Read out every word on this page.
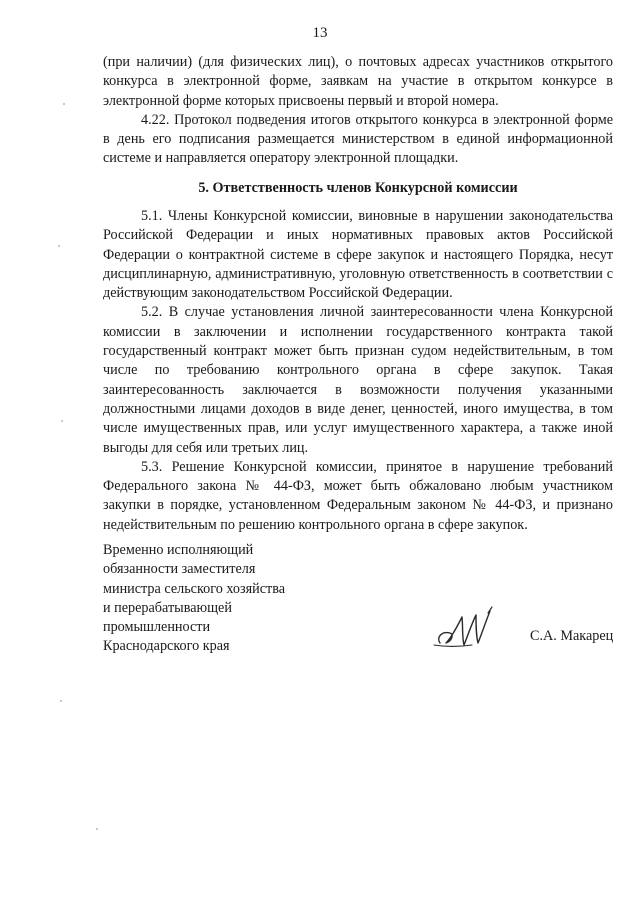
13

(при наличии) (для физических лиц), о почтовых адресах участников открытого конкурса в электронной форме, заявкам на участие в открытом конкурсе в электронной форме которых присвоены первый и второй номера.

4.22. Протокол подведения итогов открытого конкурса в электронной форме в день его подписания размещается министерством в единой информационной системе и направляется оператору электронной площадки.

5. Ответственность членов Конкурсной комиссии

5.1. Члены Конкурсной комиссии, виновные в нарушении законодательства Российской Федерации и иных нормативных правовых актов Российской Федерации о контрактной системе в сфере закупок и настоящего Порядка, несут дисциплинарную, административную, уголовную ответственность в соответствии с действующим законодательством Российской Федерации.

5.2. В случае установления личной заинтересованности члена Конкурсной комиссии в заключении и исполнении государственного контракта такой государственный контракт может быть признан судом недействительным, в том числе по требованию контрольного органа в сфере закупок. Такая заинтересованность заключается в возможности получения указанными должностными лицами доходов в виде денег, ценностей, иного имущества, в том числе имущественных прав, или услуг имущественного характера, а также иной выгоды для себя или третьих лиц.

5.3. Решение Конкурсной комиссии, принятое в нарушение требований Федерального закона № 44-ФЗ, может быть обжаловано любым участником закупки в порядке, установленном Федеральным законом № 44-ФЗ, и признано недействительным по решению контрольного органа в сфере закупок.

Временно исполняющий
обязанности заместителя
министра сельского хозяйства
и перерабатывающей
промышленности
Краснодарского края
С.А. Макарец
